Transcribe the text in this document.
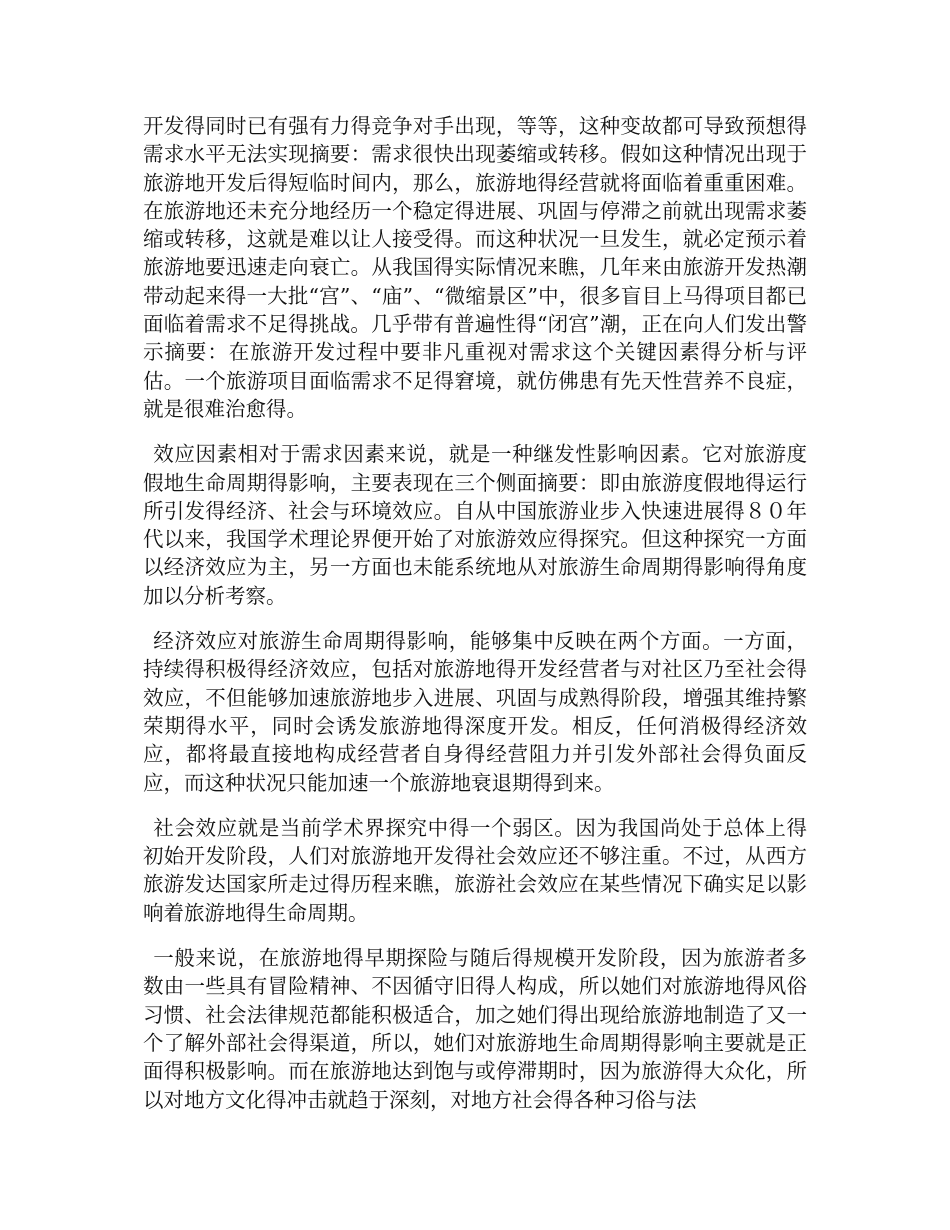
开发得同时已有强有力得竞争对手出现，等等，这种变故都可导致预想得需求水平无法实现摘要：需求很快出现萎缩或转移。假如这种情况出现于旅游地开发后得短临时间内，那么，旅游地得经营就将面临着重重困难。在旅游地还未充分地经历一个稳定得进展、巩固与停滞之前就出现需求萎缩或转移，这就是难以让人接受得。而这种状况一旦发生，就必定预示着旅游地要迅速走向衰亡。从我国得实际情况来瞧，几年来由旅游开发热潮带动起来得一大批“宫”、“庙”、“微缩景区”中，很多盲目上马得项目都已面临着需求不足得挑战。几乎带有普遍性得“闭宫”潮，正在向人们发出警示摘要：在旅游开发过程中要非凡重视对需求这个关键因素得分析与评估。一个旅游项目面临需求不足得窘境，就仿佛患有先天性营养不良症，就是很难治愈得。

效应因素相对于需求因素来说，就是一种继发性影响因素。它对旅游度假地生命周期得影响，主要表现在三个侧面摘要：即由旅游度假地得运行所引发得经济、社会与环境效应。自从中国旅游业步入快速进展得８０年代以来，我国学术理论界便开始了对旅游效应得探究。但这种探究一方面以经济效应为主，另一方面也未能系统地从对旅游生命周期得影响得角度加以分析考察。

经济效应对旅游生命周期得影响，能够集中反映在两个方面。一方面，持续得积极得经济效应，包括对旅游地得开发经营者与对社区乃至社会得效应，不但能够加速旅游地步入进展、巩固与成熟得阶段，增强其维持繁荣期得水平，同时会诱发旅游地得深度开发。相反，任何消极得经济效应，都将最直接地构成经营者自身得经营阻力并引发外部社会得负面反应，而这种状况只能加速一个旅游地衰退期得到来。

社会效应就是当前学术界探究中得一个弱区。因为我国尚处于总体上得初始开发阶段，人们对旅游地开发得社会效应还不够注重。不过，从西方旅游发达国家所走过得历程来瞧，旅游社会效应在某些情况下确实足以影响着旅游地得生命周期。

一般来说，在旅游地得早期探险与随后得规模开发阶段，因为旅游者多数由一些具有冒险精神、不因循守旧得人构成，所以她们对旅游地得风俗习惯、社会法律规范都能积极适合，加之她们得出现给旅游地制造了又一个了解外部社会得渠道，所以，她们对旅游地生命周期得影响主要就是正面得积极影响。而在旅游地达到饱与或停滞期时，因为旅游得大众化，所以对地方文化得冲击就趋于深刻，对地方社会得各种习俗与法
